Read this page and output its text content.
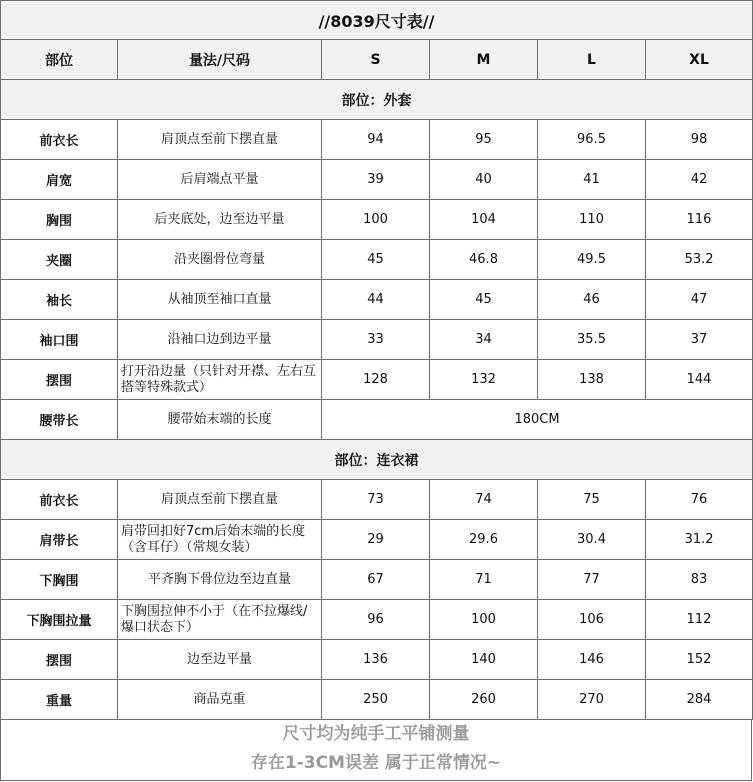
//8039尺寸表//					
部位	量法/尺码	S	M	L	XL
部位：外套					
前衣长	肩顶点至前下摆直量	94	95	96.5	98
肩宽	后肩端点平量	39	40	41	42
胸围	后夹底处，边至边平量	100	104	110	116
夹圈	沿夹圈骨位弯量	45	46.8	49.5	53.2
袖长	从袖顶至袖口直量	44	45	46	47
袖口围	沿袖口边到边平量	33	34	35.5	37
摆围	打开沿边量（只针对开襟、左右互搭等特殊款式）	128	132	138	144
腰带长	腰带始末端的长度	180CM			
部位：连衣裙					
前衣长	肩顶点至前下摆直量	73	74	75	76
肩带长	肩带回扣好7cm后始末端的长度（含耳仔）（常规女装）	29	29.6	30.4	31.2
下胸围	平齐胸下骨位边至边直量	67	71	77	83
下胸围拉量	下胸围拉伸不小于（在不拉爆线/爆口状态下）	96	100	106	112
摆围	边至边平量	136	140	146	152
重量	商品克重	250	260	270	284
尺寸均为纯手工平铺测量
存在1-3CM误差 属于正常情况~
